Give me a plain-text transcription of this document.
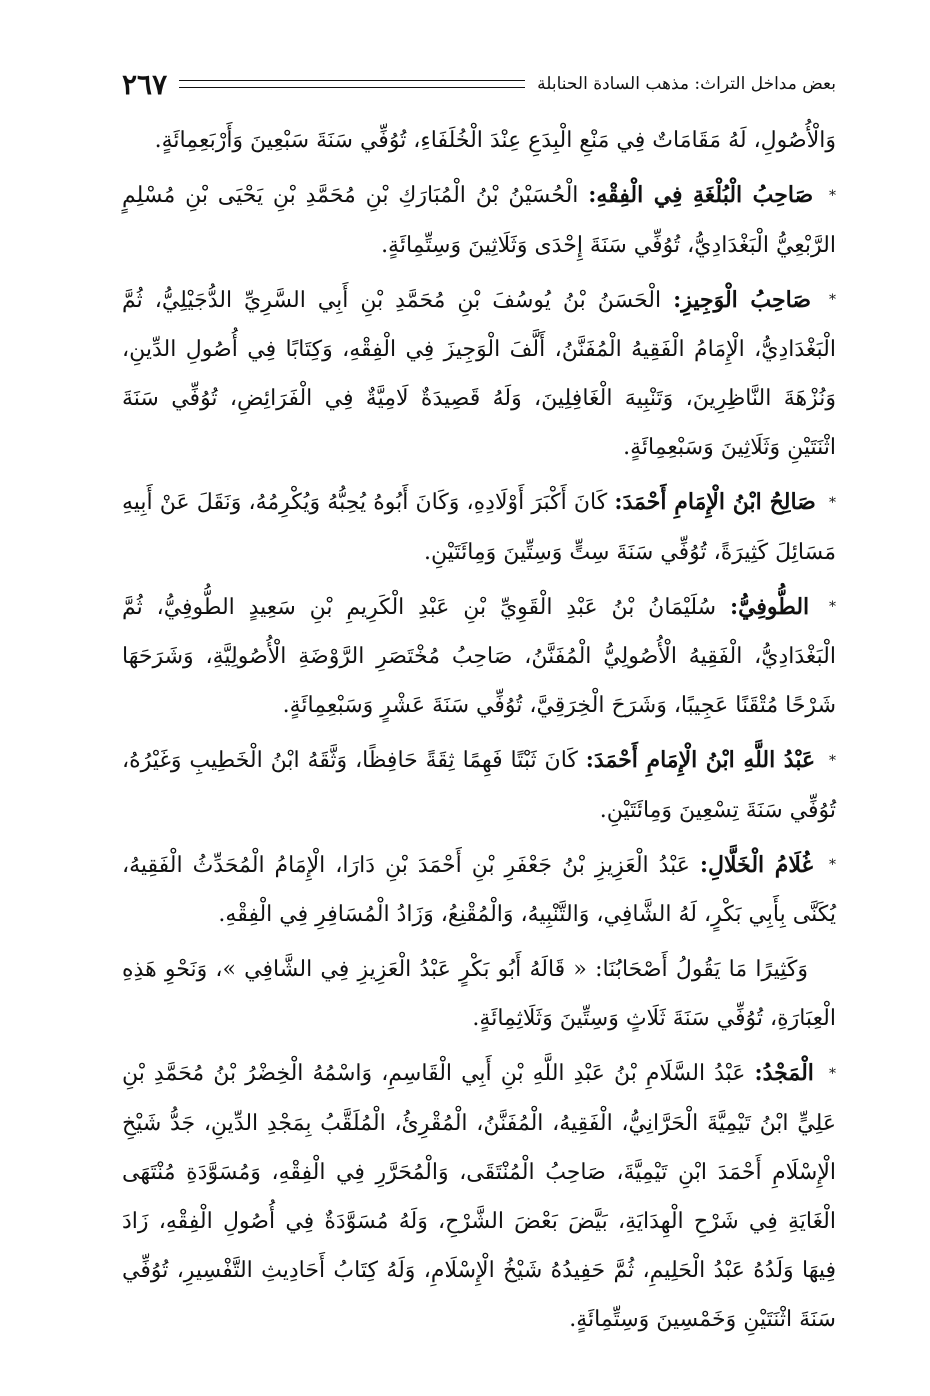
بعض مداخل التراث: مذهب السادة الحنابلة
٢٦٧

وَالْأُصُولِ، لَهُ مَقَامَاتٌ فِي مَنْعِ الْبِدَعِ عِنْدَ الْخُلَفَاءِ، تُوُفِّي سَنَةَ سَبْعِينَ وَأَرْبَعِمِائَةٍ.

* صَاحِبُ الْبُلْغَةِ فِي الْفِقْهِ: الْحُسَيْنُ بْنُ الْمُبَارَكِ بْنِ مُحَمَّدِ بْنِ يَحْيَى بْنِ مُسْلِمٍ الرَّبْعِيُّ الْبَغْدَادِيُّ، تُوُفِّي سَنَةَ إِحْدَى وَثَلَاثِينَ وَسِتِّمِائَةٍ.

* صَاحِبُ الْوَجِيزِ: الْحَسَنُ بْنُ يُوسُفَ بْنِ مُحَمَّدِ بْنِ أَبِي السَّرِيِّ الدُّجَيْلِيُّ، ثُمَّ الْبَغْدَادِيُّ، الْإِمَامُ الْفَقِيهُ الْمُفَنَّنُ، أَلَّفَ الْوَجِيزَ فِي الْفِقْهِ، وَكِتَابًا فِي أُصُولِ الدِّينِ، وَنُزْهَةَ النَّاظِرِينَ، وَتَنْبِيهَ الْغَافِلِينَ، وَلَهُ قَصِيدَةٌ لَامِيَّةٌ فِي الْفَرَائِضِ، تُوُفِّي سَنَةَ اثْنَتَيْنِ وَثَلَاثِينَ وَسَبْعِمِائَةٍ.

* صَالِحُ ابْنُ الْإِمَامِ أَحْمَدَ: كَانَ أَكْبَرَ أَوْلَادِهِ، وَكَانَ أَبُوهُ يُحِبُّهُ وَيُكْرِمُهُ، وَنَقَلَ عَنْ أَبِيهِ مَسَائِلَ كَثِيرَةً، تُوُفِّي سَنَةَ سِتٍّ وَسِتِّينَ وَمِائَتَيْنِ.

* الطُّوفِيُّ: سُلَيْمَانُ بْنُ عَبْدِ الْقَوِيِّ بْنِ عَبْدِ الْكَرِيمِ بْنِ سَعِيدٍ الطُّوفِيُّ، ثُمَّ الْبَغْدَادِيُّ، الْفَقِيهُ الْأُصُولِيُّ الْمُفَنَّنُ، صَاحِبُ مُخْتَصَرِ الرَّوْضَةِ الْأُصُولِيَّةِ، وَشَرَحَهَا شَرْحًا مُتْقَنًا عَجِيبًا، وَشَرَحَ الْخِرَقِيَّ، تُوُفِّي سَنَةَ عَشْرٍ وَسَبْعِمِائَةٍ.

* عَبْدُ اللَّهِ ابْنُ الْإِمَامِ أَحْمَدَ: كَانَ ثَبْتًا فَهِمًا ثِقَةً حَافِظًا، وَثَّقَهُ ابْنُ الْخَطِيبِ وَغَيْرُهُ، تُوُفِّي سَنَةَ تِسْعِينَ وَمِائَتَيْنِ.

* غُلَامُ الْخَلَّالِ: عَبْدُ الْعَزِيزِ بْنُ جَعْفَرِ بْنِ أَحْمَدَ بْنِ دَارَا، الْإِمَامُ الْمُحَدِّثُ الْفَقِيهُ، يُكَنَّى بِأَبِي بَكْرٍ، لَهُ الشَّافِي، وَالتَّنْبِيهُ، وَالْمُقْنِعُ، وَزَادُ الْمُسَافِرِ فِي الْفِقْهِ.

وَكَثِيرًا مَا يَقُولُ أَصْحَابُنَا: « قَالَهُ أَبُو بَكْرٍ عَبْدُ الْعَزِيزِ فِي الشَّافِي »، وَنَحْوِ هَذِهِ الْعِبَارَةِ، تُوُفِّي سَنَةَ ثَلَاثٍ وَسِتِّينَ وَثَلَاثِمِائَةٍ.

* الْمَجْدُ: عَبْدُ السَّلَامِ بْنُ عَبْدِ اللَّهِ بْنِ أَبِي الْقَاسِمِ، وَاسْمُهُ الْخِضْرُ بْنُ مُحَمَّدِ بْنِ عَلِيٍّ ابْنُ تَيْمِيَّةَ الْحَرَّانِيُّ، الْفَقِيهُ، الْمُفَنَّنُ، الْمُقْرِئُ، الْمُلَقَّبُ بِمَجْدِ الدِّينِ، جَدُّ شَيْخِ الْإِسْلَامِ أَحْمَدَ ابْنِ تَيْمِيَّةَ، صَاحِبُ الْمُنْتَقَى، وَالْمُحَرَّرِ فِي الْفِقْهِ، وَمُسَوَّدَةِ مُنْتَهَى الْغَايَةِ فِي شَرْحِ الْهِدَايَةِ، بَيَّضَ بَعْضَ الشَّرْحِ، وَلَهُ مُسَوَّدَةٌ فِي أُصُولِ الْفِقْهِ، زَادَ فِيهَا وَلَدُهُ عَبْدُ الْحَلِيمِ، ثُمَّ حَفِيدُهُ شَيْخُ الْإِسْلَامِ، وَلَهُ كِتَابُ أَحَادِيثِ التَّفْسِيرِ، تُوُفِّي سَنَةَ اثْنَتَيْنِ وَخَمْسِينَ وَسِتِّمِائَةٍ.
